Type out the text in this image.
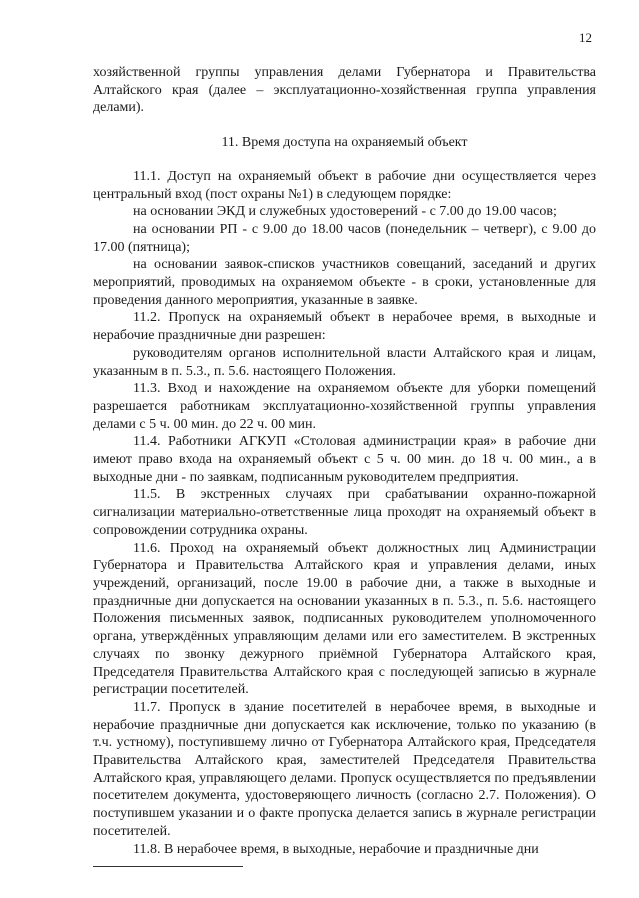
12

хозяйственной группы управления делами Губернатора и Правительства Алтайского края (далее – эксплуатационно-хозяйственная группа управления делами).

11. Время доступа на охраняемый объект

11.1. Доступ на охраняемый объект в рабочие дни осуществляется через центральный вход (пост охраны №1) в следующем порядке:

на основании ЭКД и служебных удостоверений - с 7.00 до 19.00 часов;

на основании РП - с 9.00 до 18.00 часов (понедельник – четверг), с 9.00 до 17.00 (пятница);

на основании заявок-списков участников совещаний, заседаний и других мероприятий, проводимых на охраняемом объекте - в сроки, установленные для проведения данного мероприятия, указанные в заявке.

11.2. Пропуск на охраняемый объект в нерабочее время, в выходные и нерабочие праздничные дни разрешен:

руководителям органов исполнительной власти Алтайского края и лицам, указанным в п. 5.3., п. 5.6. настоящего Положения.

11.3. Вход и нахождение на охраняемом объекте для уборки помещений разрешается работникам эксплуатационно-хозяйственной группы управления делами с 5 ч. 00 мин. до 22 ч. 00 мин.

11.4. Работники АГКУП «Столовая администрации края» в рабочие дни имеют право входа на охраняемый объект с 5 ч. 00 мин. до 18 ч. 00 мин., а в выходные дни - по заявкам, подписанным руководителем предприятия.

11.5. В экстренных случаях при срабатывании охранно-пожарной сигнализации материально-ответственные лица проходят на охраняемый объект в сопровождении сотрудника охраны.

11.6. Проход на охраняемый объект должностных лиц Администрации Губернатора и Правительства Алтайского края и управления делами, иных учреждений, организаций, после 19.00 в рабочие дни, а также в выходные и праздничные дни допускается на основании указанных в п. 5.3., п. 5.6. настоящего Положения письменных заявок, подписанных руководителем уполномоченного органа, утверждённых управляющим делами или его заместителем. В экстренных случаях по звонку дежурного приёмной Губернатора Алтайского края, Председателя Правительства Алтайского края с последующей записью в журнале регистрации посетителей.

11.7. Пропуск в здание посетителей в нерабочее время, в выходные и нерабочие праздничные дни допускается как исключение, только по указанию (в т.ч. устному), поступившему лично от Губернатора Алтайского края, Председателя Правительства Алтайского края, заместителей Председателя Правительства Алтайского края, управляющего делами. Пропуск осуществляется по предъявлении посетителем документа, удостоверяющего личность (согласно 2.7. Положения). О поступившем указании и о факте пропуска делается запись в журнале регистрации посетителей.

11.8. В нерабочее время, в выходные, нерабочие и праздничные дни
